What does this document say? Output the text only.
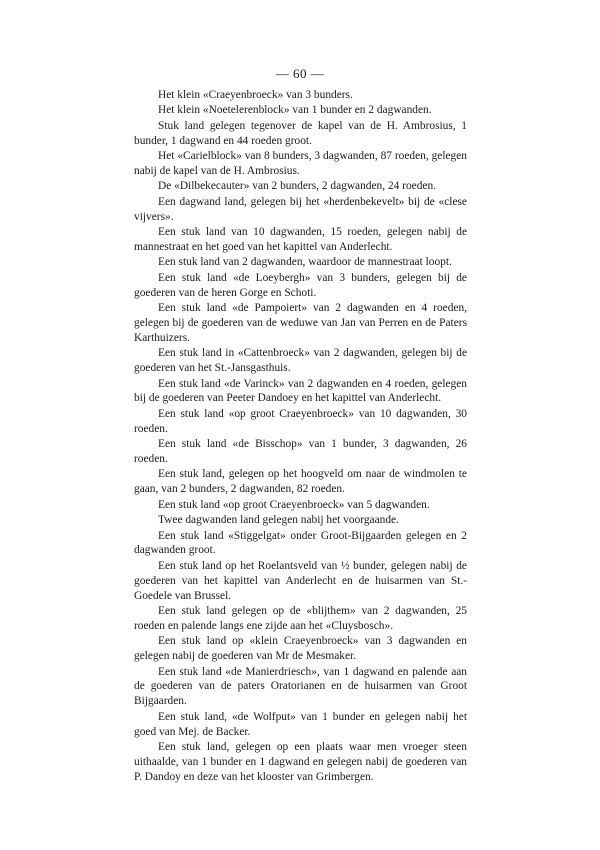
— 60 —

Het klein «Craeyenbroeck» van 3 bunders.

Het klein «Noetelerenblock» van 1 bunder en 2 dagwanden.

Stuk land gelegen tegenover de kapel van de H. Ambrosius, 1 bunder, 1 dagwand en 44 roeden groot.

Het «Carielblock» van 8 bunders, 3 dagwanden, 87 roeden, gelegen nabij de kapel van de H. Ambrosius.

De «Dilbekecauter» van 2 bunders, 2 dagwanden, 24 roeden.

Een dagwand land, gelegen bij het «herdenbekevelt» bij de «clese vijvers».

Een stuk land van 10 dagwanden, 15 roeden, gelegen nabij de mannestraat en het goed van het kapittel van Anderlecht.

Een stuk land van 2 dagwanden, waardoor de mannestraat loopt.

Een stuk land «de Loeybergh» van 3 bunders, gelegen bij de goederen van de heren Gorge en Schoti.

Een stuk land «de Pampoiert» van 2 dagwanden en 4 roeden, gelegen bij de goederen van de weduwe van Jan van Perren en de Paters Karthuizers.

Een stuk land in «Cattenbroeck» van 2 dagwanden, gelegen bij de goederen van het St.-Jansgasthuis.

Een stuk land «de Varinck» van 2 dagwanden en 4 roeden, gelegen bij de goederen van Peeter Dandoey en het kapittel van Anderlecht.

Een stuk land «op groot Craeyenbroeck» van 10 dagwanden, 30 roeden.

Een stuk land «de Bisschop» van 1 bunder, 3 dagwanden, 26 roeden.

Een stuk land, gelegen op het hoogveld om naar de windmolen te gaan, van 2 bunders, 2 dagwanden, 82 roeden.

Een stuk land «op groot Craeyenbroeck» van 5 dagwanden.

Twee dagwanden land gelegen nabij het voorgaande.

Een stuk land «Stiggelgat» onder Groot-Bijgaarden gelegen en 2 dagwanden groot.

Een stuk land op het Roelantsveld van ½ bunder, gelegen nabij de goederen van het kapittel van Anderlecht en de huisarmen van St.-Goedele van Brussel.

Een stuk land gelegen op de «blijthem» van 2 dagwanden, 25 roeden en palende langs ene zijde aan het «Cluysbosch».

Een stuk land op «klein Craeyenbroeck» van 3 dagwanden en gelegen nabij de goederen van Mr de Mesmaker.

Een stuk land «de Manierdriesch», van 1 dagwand en palende aan de goederen van de paters Oratorianen en de huisarmen van Groot Bijgaarden.

Een stuk land, «de Wolfput» van 1 bunder en gelegen nabij het goed van Mej. de Backer.

Een stuk land, gelegen op een plaats waar men vroeger steen uithaalde, van 1 bunder en 1 dagwand en gelegen nabij de goederen van P. Dandoy en deze van het klooster van Grimbergen.
